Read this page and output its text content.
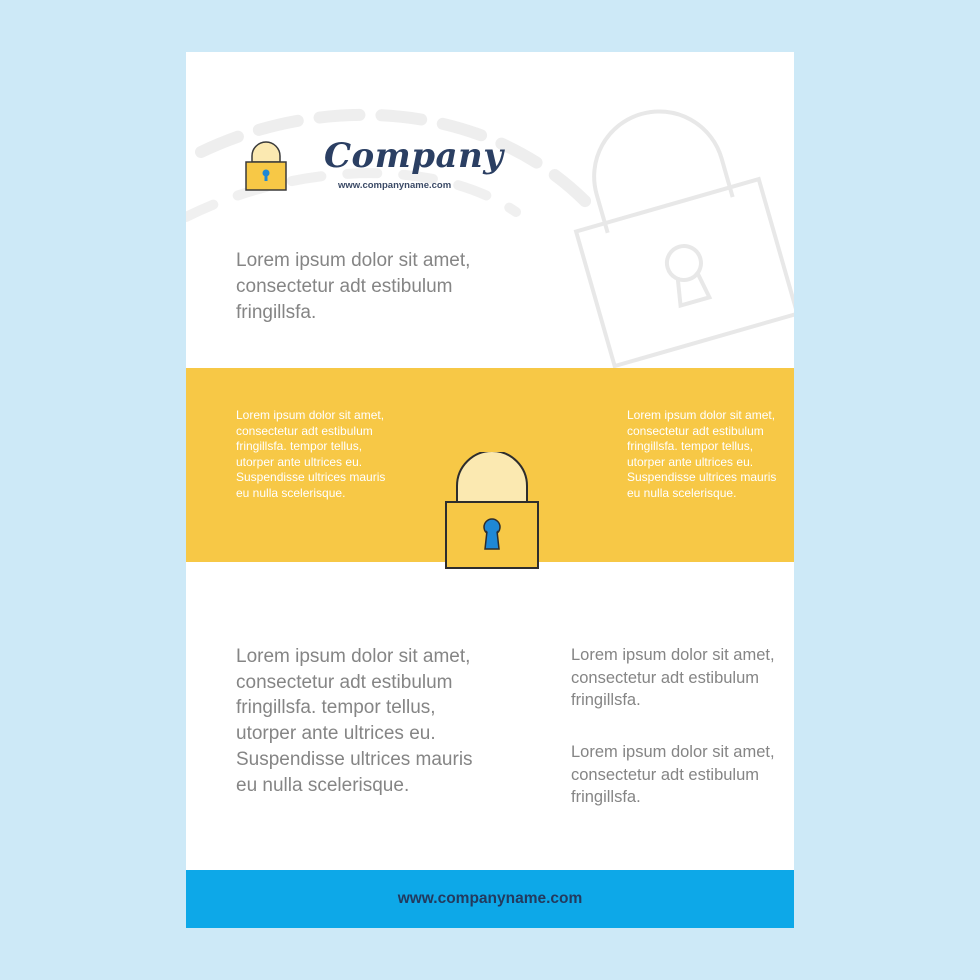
Company
www.companyname.com

Lorem ipsum dolor sit amet, consectetur adt estibulum fringillsfa.

Lorem ipsum dolor sit amet, consectetur adt estibulum fringillsfa. tempor tellus, utorper ante ultrices eu. Suspendisse ultrices mauris eu nulla scelerisque.

Lorem ipsum dolor sit amet, consectetur adt estibulum fringillsfa. tempor tellus, utorper ante ultrices eu. Suspendisse ultrices mauris eu nulla scelerisque.

Lorem ipsum dolor sit amet, consectetur adt estibulum fringillsfa. tempor tellus, utorper ante ultrices eu. Suspendisse ultrices mauris eu nulla scelerisque.

Lorem ipsum dolor sit amet, consectetur adt estibulum fringillsfa.

Lorem ipsum dolor sit amet, consectetur adt estibulum fringillsfa.

www.companyname.com
